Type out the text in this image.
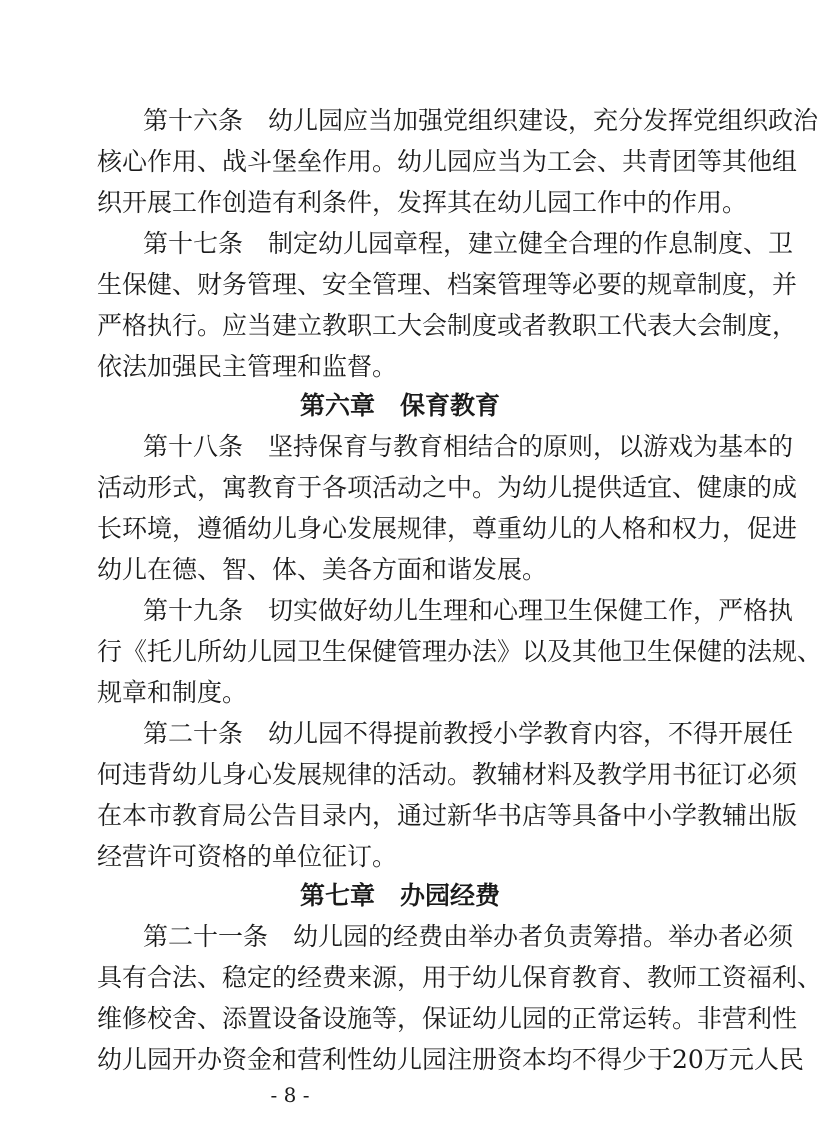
第十六条　幼儿园应当加强党组织建设，充分发挥党组织政治
核心作用、战斗堡垒作用。幼儿园应当为工会、共青团等其他组
织开展工作创造有利条件，发挥其在幼儿园工作中的作用。
第十七条　制定幼儿园章程，建立健全合理的作息制度、卫
生保健、财务管理、安全管理、档案管理等必要的规章制度，并
严格执行。应当建立教职工大会制度或者教职工代表大会制度，
依法加强民主管理和监督。
第六章　保育教育
第十八条　坚持保育与教育相结合的原则，以游戏为基本的
活动形式，寓教育于各项活动之中。为幼儿提供适宜、健康的成
长环境，遵循幼儿身心发展规律，尊重幼儿的人格和权力，促进
幼儿在德、智、体、美各方面和谐发展。
第十九条　切实做好幼儿生理和心理卫生保健工作，严格执
行《托儿所幼儿园卫生保健管理办法》以及其他卫生保健的法规、
规章和制度。
第二十条　幼儿园不得提前教授小学教育内容，不得开展任
何违背幼儿身心发展规律的活动。教辅材料及教学用书征订必须
在本市教育局公告目录内，通过新华书店等具备中小学教辅出版
经营许可资格的单位征订。
第七章　办园经费
第二十一条　幼儿园的经费由举办者负责筹措。举办者必须
具有合法、稳定的经费来源，用于幼儿保育教育、教师工资福利、
维修校舍、添置设备设施等，保证幼儿园的正常运转。非营利性
幼儿园开办资金和营利性幼儿园注册资本均不得少于20万元人民
- 8 -
